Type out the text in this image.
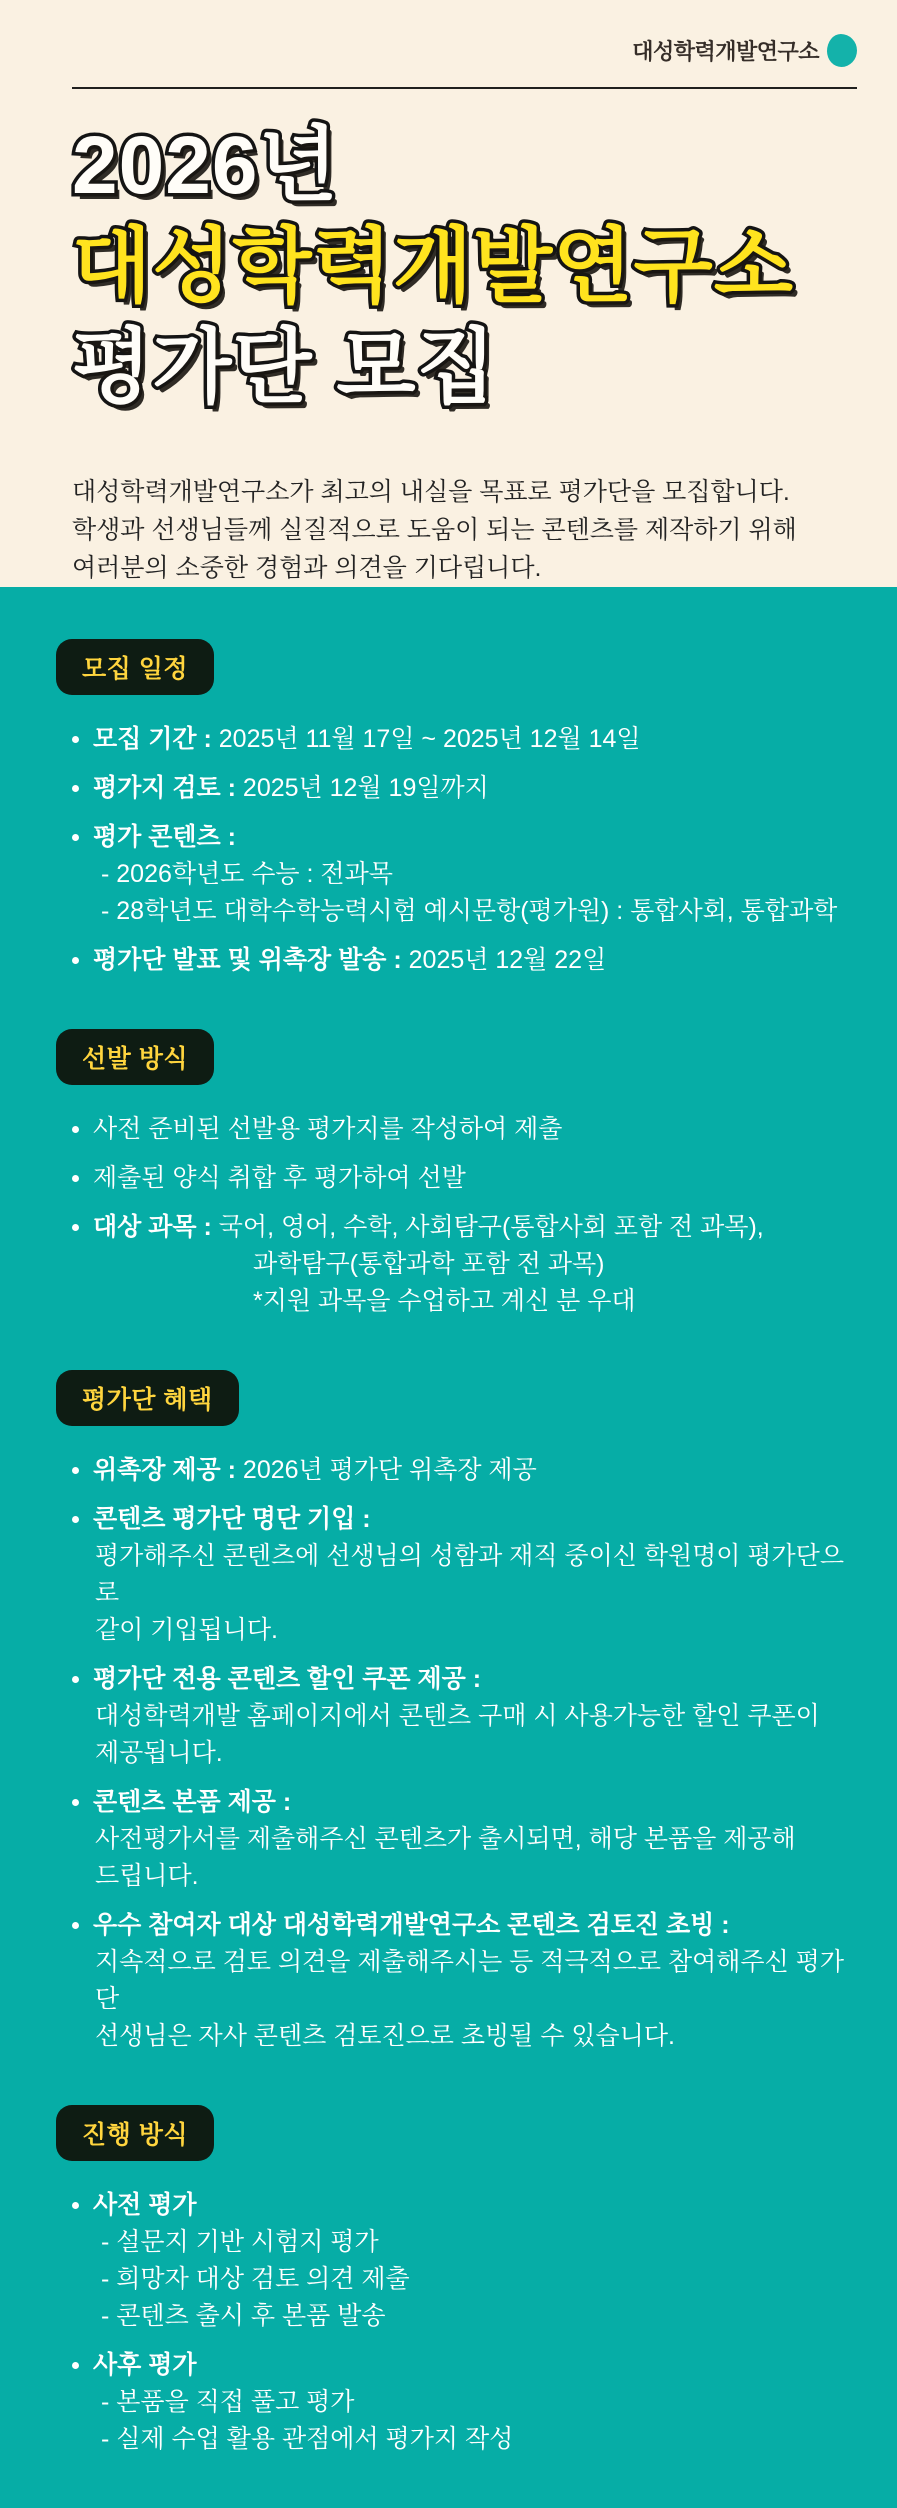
대성학력개발연구소
2026년
대성학력개발연구소
평가단 모집

대성학력개발연구소가 최고의 내실을 목표로 평가단을 모집합니다.

학생과 선생님들께 실질적으로 도움이 되는 콘텐츠를 제작하기 위해

여러분의 소중한 경험과 의견을 기다립니다.

모집 일정

모집 기간 : 2025년 11월 17일 ~ 2025년 12월 14일

평가지 검토 : 2025년 12월 19일까지

평가 콘텐츠 :

- 2026학년도 수능 : 전과목

- 28학년도 대학수학능력시험 예시문항(평가원) : 통합사회, 통합과학

평가단 발표 및 위촉장 발송 : 2025년 12월 22일

선발 방식

사전 준비된 선발용 평가지를 작성하여 제출

제출된 양식 취합 후 평가하여 선발

대상 과목 : 국어, 영어, 수학, 사회탐구(통합사회 포함 전 과목),

과학탐구(통합과학 포함 전 과목)

*지원 과목을 수업하고 계신 분 우대

평가단 혜택

위촉장 제공 : 2026년 평가단 위촉장 제공

콘텐츠 평가단 명단 기입 :

평가해주신 콘텐츠에 선생님의 성함과 재직 중이신 학원명이 평가단으로

같이 기입됩니다.

평가단 전용 콘텐츠 할인 쿠폰 제공 :

대성학력개발 홈페이지에서 콘텐츠 구매 시 사용가능한 할인 쿠폰이

제공됩니다.

콘텐츠 본품 제공 :

사전평가서를 제출해주신 콘텐츠가 출시되면, 해당 본품을 제공해

드립니다.

우수 참여자 대상 대성학력개발연구소 콘텐츠 검토진 초빙 :

지속적으로 검토 의견을 제출해주시는 등 적극적으로 참여해주신 평가단

선생님은 자사 콘텐츠 검토진으로 초빙될 수 있습니다.

진행 방식

사전 평가

- 설문지 기반 시험지 평가

- 희망자 대상 검토 의견 제출

- 콘텐츠 출시 후 본품 발송

사후 평가

- 본품을 직접 풀고 평가

- 실제 수업 활용 관점에서 평가지 작성
